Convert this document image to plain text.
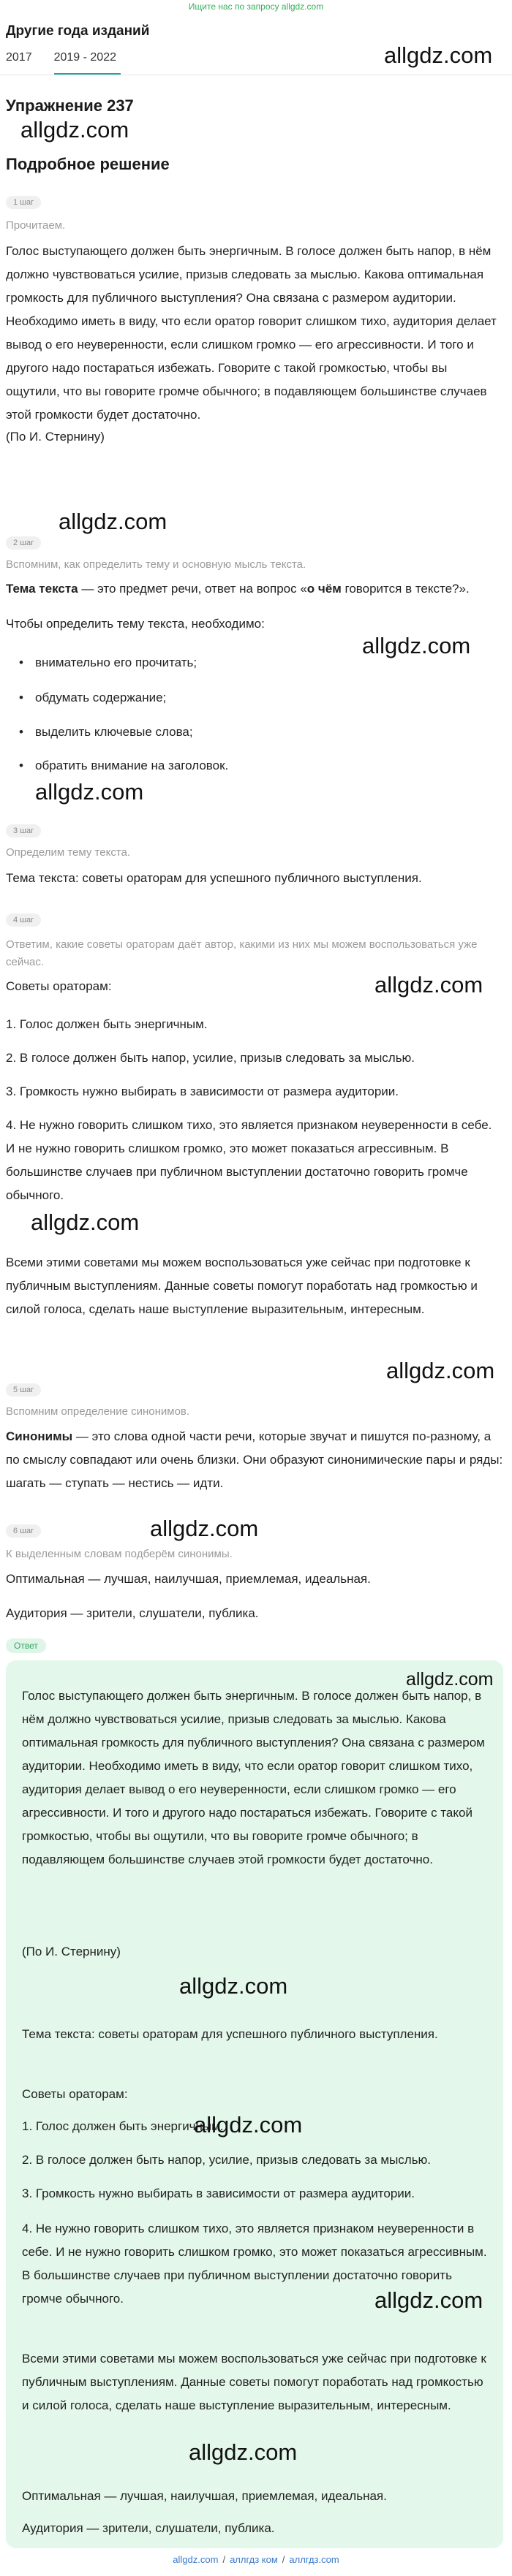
Ищите нас по запросу allgdz.com
Другие года изданий
2017 2019 - 2022	allgdz.com
Упражнение 237
allgdz.com
Подробное решение
1 шаг
Прочитаем.
Голос выступающего должен быть энергичным. В голосе должен быть напор, в нём должно чувствоваться усилие, призыв следовать за мыслью. Какова оптимальная громкость для публичного выступления? Она связана с размером аудитории. Необходимо иметь в виду, что если оратор говорит слишком тихо, аудитория делает вывод о его неуверенности, если слишком громко — его агрессивности. И того и другого надо постараться избежать. Говорите с такой громкостью, чтобы вы ощутили, что вы говорите громче обычного; в подавляющем большинстве случаев этой громкости будет достаточно.
(По И. Стернину)
allgdz.com
2 шаг
Вспомним, как определить тему и основную мысль текста.
Тема текста — это предмет речи, ответ на вопрос «о чём говорится в тексте?».
Чтобы определить тему текста, необходимо:
allgdz.com
• внимательно его прочитать;
• обдумать содержание;
• выделить ключевые слова;
• обратить внимание на заголовок.
allgdz.com
3 шаг
Определим тему текста.
Тема текста: советы ораторам для успешного публичного выступления.
4 шаг
Ответим, какие советы ораторам даёт автор, какими из них мы можем воспользоваться уже сейчас.
Советы ораторам:	allgdz.com
1. Голос должен быть энергичным.
2. В голосе должен быть напор, усилие, призыв следовать за мыслью.
3. Громкость нужно выбирать в зависимости от размера аудитории.
4. Не нужно говорить слишком тихо, это является признаком неуверенности в себе. И не нужно говорить слишком громко, это может показаться агрессивным. В большинстве случаев при публичном выступлении достаточно говорить громче обычного.
allgdz.com
Всеми этими советами мы можем воспользоваться уже сейчас при подготовке к публичным выступлениям. Данные советы помогут поработать над громкостью и силой голоса, сделать наше выступление выразительным, интересным.
allgdz.com
5 шаг
Вспомним определение синонимов.
Синонимы — это слова одной части речи, которые звучат и пишутся по-разному, а по смыслу совпадают или очень близки. Они образуют синонимические пары и ряды: шагать — ступать — нестись — идти.
6 шаг	allgdz.com
К выделенным словам подберём синонимы.
Оптимальная — лучшая, наилучшая, приемлемая, идеальная.
Аудитория — зрители, слушатели, публика.
Ответ
allgdz.com
Голос выступающего должен быть энергичным. В голосе должен быть напор, в нём должно чувствоваться усилие, призыв следовать за мыслью. Какова оптимальная громкость для публичного выступления? Она связана с размером аудитории. Необходимо иметь в виду, что если оратор говорит слишком тихо, аудитория делает вывод о его неуверенности, если слишком громко — его агрессивности. И того и другого надо постараться избежать. Говорите с такой громкостью, чтобы вы ощутили, что вы говорите громче обычного; в подавляющем большинстве случаев этой громкости будет достаточно.
(По И. Стернину)
allgdz.com
Тема текста: советы ораторам для успешного публичного выступления.
Советы ораторам:
1. Голос должен быть энергичным.
allgdz.com
2. В голосе должен быть напор, усилие, призыв следовать за мыслью.
3. Громкость нужно выбирать в зависимости от размера аудитории.
4. Не нужно говорить слишком тихо, это является признаком неуверенности в себе. И не нужно говорить слишком громко, это может показаться агрессивным. В большинстве случаев при публичном выступлении достаточно говорить громче обычного.	allgdz.com
Всеми этими советами мы можем воспользоваться уже сейчас при подготовке к публичным выступлениям. Данные советы помогут поработать над громкостью и силой голоса, сделать наше выступление выразительным, интересным.
allgdz.com
Оптимальная — лучшая, наилучшая, приемлемая, идеальная.
Аудитория — зрители, слушатели, публика.
allgdz.com / аллгдз ком / аллгдз.com
